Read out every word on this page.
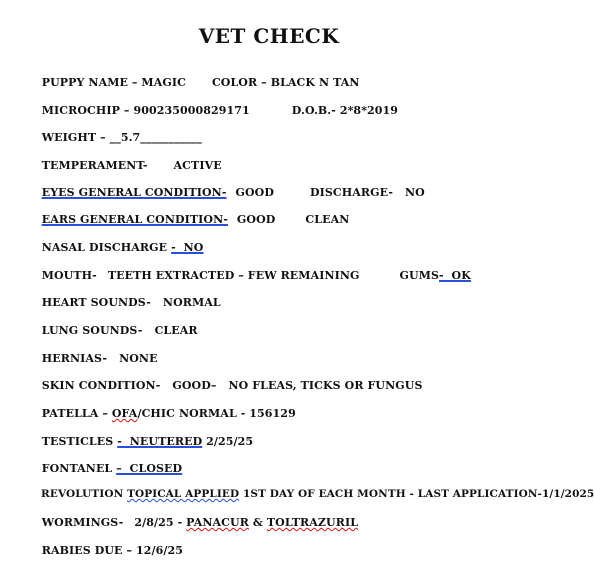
VET CHECK

PUPPY NAME – MAGIC COLOR – BLACK N TAN

MICROCHIP – 900235000829171	D.O.B.- 2*8*2019

WEIGHT – __5.7___________

TEMPERAMENT- ACTIVE

EYES GENERAL CONDITION- GOOD	DISCHARGE- NO

EARS GENERAL CONDITION- GOOD	CLEAN

NASAL DISCHARGE -  NO

MOUTH- TEETH EXTRACTED – FEW REMAINING	GUMS-  OK

HEART SOUNDS- NORMAL

LUNG SOUNDS- CLEAR

HERNIAS- NONE

SKIN CONDITION- GOOD– NO FLEAS, TICKS OR FUNGUS

PATELLA – OFA/CHIC NORMAL - 156129

TESTICLES -  NEUTERED 2/25/25

FONTANEL –  CLOSED

REVOLUTION TOPICAL APPLIED 1ST DAY OF EACH MONTH - LAST APPLICATION-1/1/2025

WORMINGS- 2/8/25 - PANACUR & TOLTRAZURIL

RABIES DUE – 12/6/25
